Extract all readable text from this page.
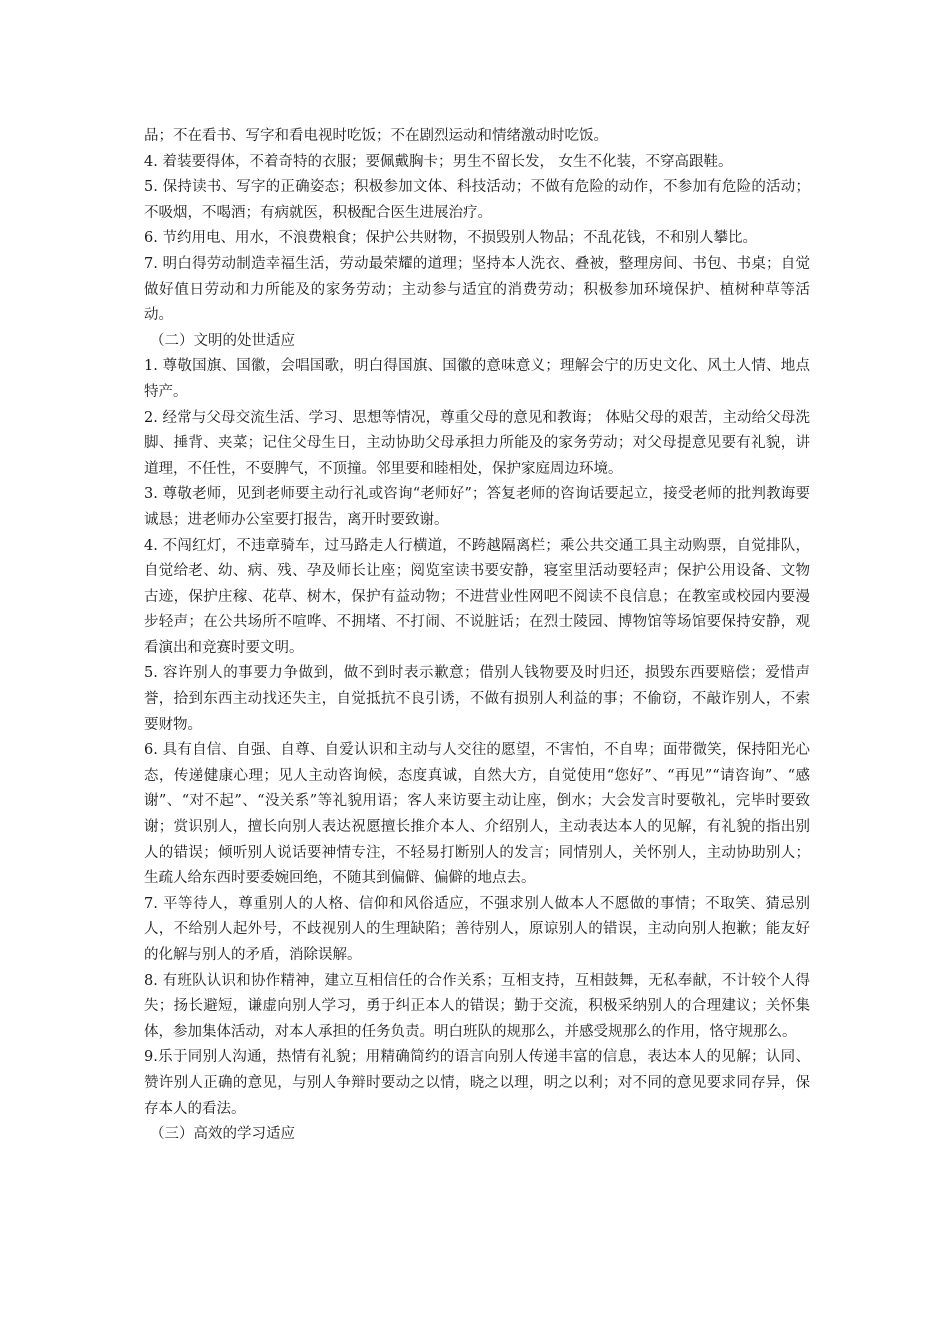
品；不在看书、写字和看电视时吃饭；不在剧烈运动和情绪激动时吃饭。

4. 着装要得体，不着奇特的衣服；要佩戴胸卡；男生不留长发， 女生不化装，不穿高跟鞋。

5. 保持读书、写字的正确姿态；积极参加文体、科技活动；不做有危险的动作，不参加有危险的活动；不吸烟，不喝酒；有病就医，积极配合医生进展治疗。

6. 节约用电、用水，不浪费粮食；保护公共财物，不损毁别人物品；不乱花钱，不和别人攀比。

7. 明白得劳动制造幸福生活，劳动最荣耀的道理；坚持本人洗衣、叠被，整理房间、书包、书桌；自觉做好值日劳动和力所能及的家务劳动；主动参与适宜的消费劳动；积极参加环境保护、植树种草等活动。

（二）文明的处世适应

1. 尊敬国旗、国徽，会唱国歌，明白得国旗、国徽的意味意义；理解会宁的历史文化、风土人情、地点特产。

2. 经常与父母交流生活、学习、思想等情况，尊重父母的意见和教诲； 体贴父母的艰苦，主动给父母洗脚、捶背、夹菜；记住父母生日，主动协助父母承担力所能及的家务劳动；对父母提意见要有礼貌，讲道理，不任性，不耍脾气，不顶撞。邻里要和睦相处，保护家庭周边环境。

3. 尊敬老师，见到老师要主动行礼或咨询“老师好”；答复老师的咨询话要起立，接受老师的批判教诲要诚恳；进老师办公室要打报告，离开时要致谢。

4. 不闯红灯，不违章骑车，过马路走人行横道，不跨越隔离栏；乘公共交通工具主动购票，自觉排队，自觉给老、幼、病、残、孕及师长让座；阅览室读书要安静，寝室里活动要轻声；保护公用设备、文物古迹，保护庄稼、花草、树木，保护有益动物；不进营业性网吧不阅读不良信息；在教室或校园内要漫步轻声；在公共场所不喧哗、不拥堵、不打闹、不说脏话；在烈士陵园、博物馆等场馆要保持安静，观看演出和竞赛时要文明。

5. 容许别人的事要力争做到，做不到时表示歉意；借别人钱物要及时归还，损毁东西要赔偿；爱惜声誉，拾到东西主动找还失主，自觉抵抗不良引诱，不做有损别人利益的事；不偷窃，不敲诈别人，不索要财物。

6. 具有自信、自强、自尊、自爱认识和主动与人交往的愿望，不害怕，不自卑；面带微笑，保持阳光心态，传递健康心理；见人主动咨询候，态度真诚，自然大方，自觉使用“您好”、“再见”“请咨询”、“感谢”、“对不起”、“没关系”等礼貌用语；客人来访要主动让座，倒水；大会发言时要敬礼，完毕时要致谢；赏识别人，擅长向别人表达祝愿擅长推介本人、介绍别人，主动表达本人的见解，有礼貌的指出别人的错误；倾听别人说话要神情专注，不轻易打断别人的发言；同情别人，关怀别人，主动协助别人；生疏人给东西时要委婉回绝，不随其到偏僻、偏僻的地点去。

7. 平等待人，尊重别人的人格、信仰和风俗适应，不强求别人做本人不愿做的事情；不取笑、猜忌别人，不给别人起外号，不歧视别人的生理缺陷；善待别人，原谅别人的错误，主动向别人抱歉；能友好的化解与别人的矛盾，消除误解。

8. 有班队认识和协作精神，建立互相信任的合作关系；互相支持，互相鼓舞，无私奉献，不计较个人得失；扬长避短，谦虚向别人学习，勇于纠正本人的错误；勤于交流，积极采纳别人的合理建议；关怀集体，参加集体活动，对本人承担的任务负责。明白班队的规那么，并感受规那么的作用，恪守规那么。

9.乐于同别人沟通，热情有礼貌；用精确简约的语言向别人传递丰富的信息，表达本人的见解；认同、赞许别人正确的意见，与别人争辩时要动之以情，晓之以理，明之以利；对不同的意见要求同存异，保存本人的看法。

（三）高效的学习适应
